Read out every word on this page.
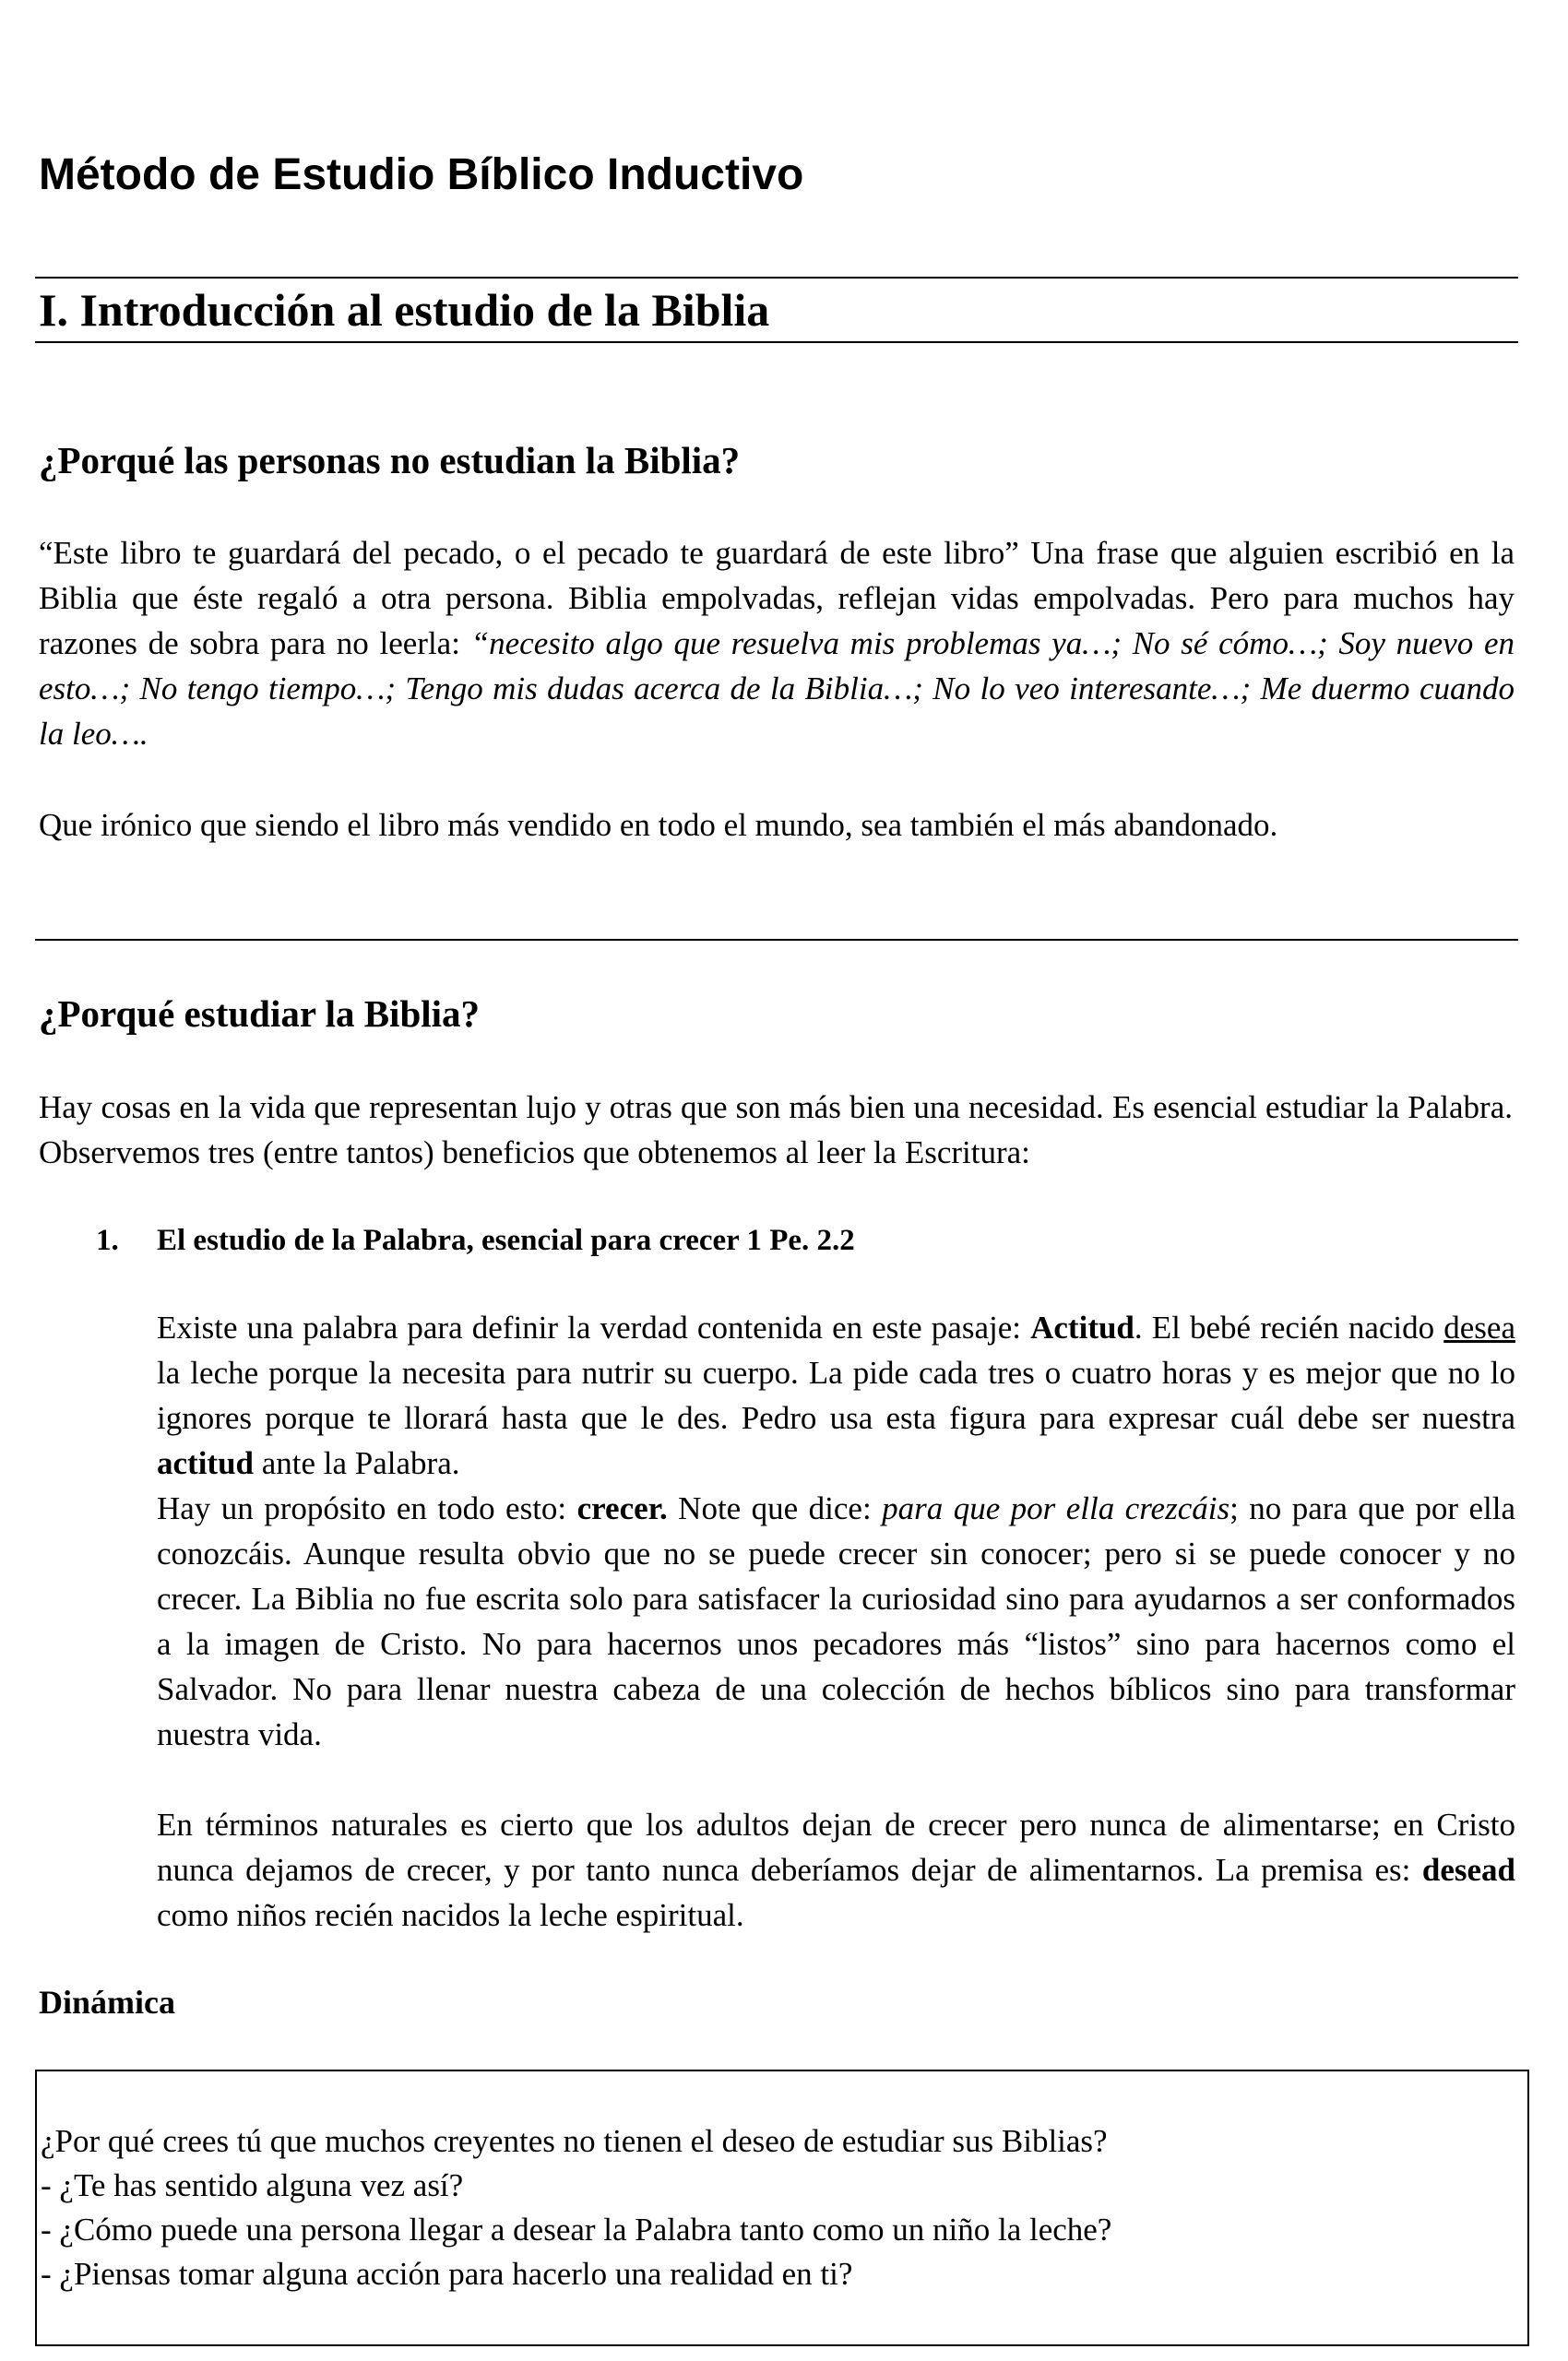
Método de Estudio Bíblico Inductivo
I. Introducción al estudio de la Biblia
¿Porqué las personas no estudian la Biblia?

“Este libro te guardará del pecado, o el pecado te guardará de este libro” Una frase que alguien escribió en la Biblia que éste regaló a otra persona. Biblia empolvadas, reflejan vidas empolvadas. Pero para muchos hay razones de sobra para no leerla: “necesito algo que resuelva mis problemas ya…; No sé cómo…; Soy nuevo en esto…; No tengo tiempo…; Tengo mis dudas acerca de la Biblia…; No lo veo interesante…; Me duermo cuando la leo….

Que irónico que siendo el libro más vendido en todo el mundo, sea también el más abandonado.

¿Porqué estudiar la Biblia?

Hay cosas en la vida que representan lujo y otras que son más bien una necesidad. Es esencial estudiar la Palabra. Observemos tres (entre tantos) beneficios que obtenemos al leer la Escritura:

1. El estudio de la Palabra, esencial para crecer 1 Pe. 2.2
Existe una palabra para definir la verdad contenida en este pasaje: Actitud. El bebé recién nacido desea la leche porque la necesita para nutrir su cuerpo. La pide cada tres o cuatro horas y es mejor que no lo ignores porque te llorará hasta que le des. Pedro usa esta figura para expresar cuál debe ser nuestra actitud ante la Palabra.
Hay un propósito en todo esto: crecer. Note que dice: para que por ella crezcáis; no para que por ella conozcáis. Aunque resulta obvio que no se puede crecer sin conocer; pero si se puede conocer y no crecer. La Biblia no fue escrita solo para satisfacer la curiosidad sino para ayudarnos a ser conformados a la imagen de Cristo. No para hacernos unos pecadores más “listos” sino para hacernos como el Salvador. No para llenar nuestra cabeza de una colección de hechos bíblicos sino para transformar nuestra vida.
En términos naturales es cierto que los adultos dejan de crecer pero nunca de alimentarse; en Cristo nunca dejamos de crecer, y por tanto nunca deberíamos dejar de alimentarnos. La premisa es: desead como niños recién nacidos la leche espiritual.
Dinámica
¿Por qué crees tú que muchos creyentes no tienen el deseo de estudiar sus Biblias?
- ¿Te has sentido alguna vez así?
- ¿Cómo puede una persona llegar a desear la Palabra tanto como un niño la leche?
- ¿Piensas tomar alguna acción para hacerlo una realidad en ti?
